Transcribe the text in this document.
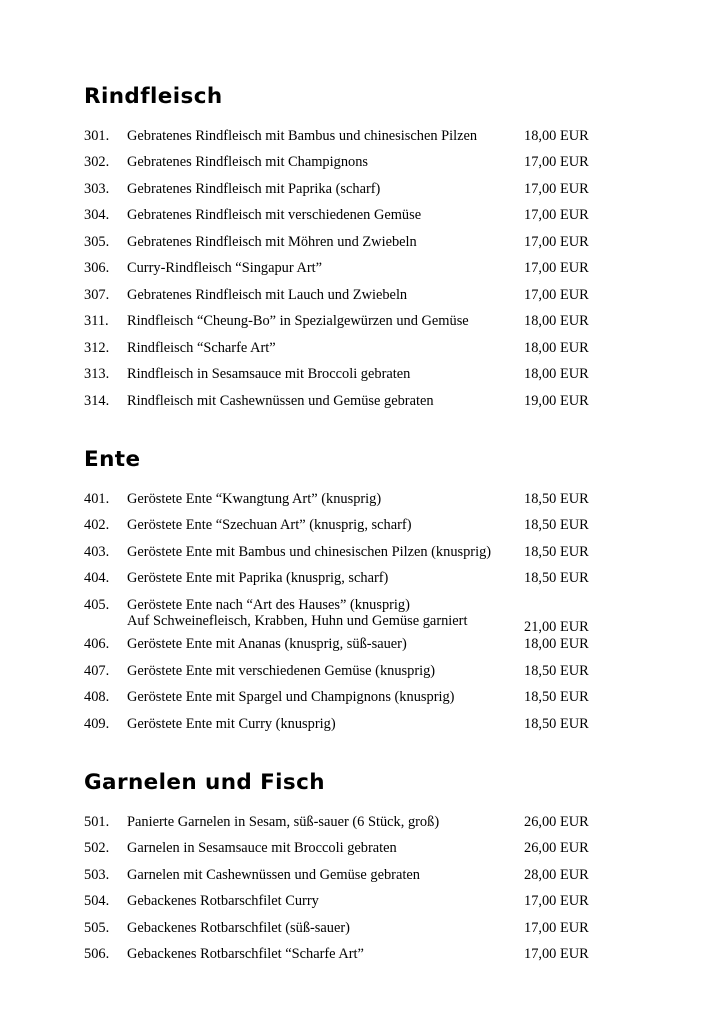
Rindfleisch
301.	Gebratenes Rindfleisch mit Bambus und chinesischen Pilzen	18,00 EUR
302.	Gebratenes Rindfleisch mit Champignons	17,00 EUR
303.	Gebratenes Rindfleisch mit Paprika (scharf)	17,00 EUR
304.	Gebratenes Rindfleisch mit verschiedenen Gemüse	17,00 EUR
305.	Gebratenes Rindfleisch mit Möhren und Zwiebeln	17,00 EUR
306.	Curry-Rindfleisch “Singapur Art”	17,00 EUR
307.	Gebratenes Rindfleisch mit Lauch und Zwiebeln	17,00 EUR
311.	Rindfleisch “Cheung-Bo” in Spezialgewürzen und Gemüse	18,00 EUR
312.	Rindfleisch “Scharfe Art”	18,00 EUR
313.	Rindfleisch in Sesamsauce mit Broccoli gebraten	18,00 EUR
314.	Rindfleisch mit Cashewnüssen und Gemüse gebraten	19,00 EUR
Ente
401.	Geröstete Ente “Kwangtung Art” (knusprig)	18,50 EUR
402.	Geröstete Ente “Szechuan Art” (knusprig, scharf)	18,50 EUR
403.	Geröstete Ente mit Bambus und chinesischen Pilzen (knusprig)	18,50 EUR
404.	Geröstete Ente mit Paprika (knusprig, scharf)	18,50 EUR
405.	Geröstete Ente nach “Art des Hauses” (knusprig)
Auf Schweinefleisch, Krabben, Huhn und Gemüse garniert	21,00 EUR
406.	Geröstete Ente mit Ananas (knusprig, süß-sauer)	18,00 EUR
407.	Geröstete Ente mit verschiedenen Gemüse (knusprig)	18,50 EUR
408.	Geröstete Ente mit Spargel und Champignons (knusprig)	18,50 EUR
409.	Geröstete Ente mit Curry (knusprig)	18,50 EUR
Garnelen und Fisch
501.	Panierte Garnelen in Sesam, süß-sauer (6 Stück, groß)	26,00 EUR
502.	Garnelen in Sesamsauce mit Broccoli gebraten	26,00 EUR
503.	Garnelen mit Cashewnüssen und Gemüse gebraten	28,00 EUR
504.	Gebackenes Rotbarschfilet Curry	17,00 EUR
505.	Gebackenes Rotbarschfilet (süß-sauer)	17,00 EUR
506.	Gebackenes Rotbarschfilet “Scharfe Art”	17,00 EUR
